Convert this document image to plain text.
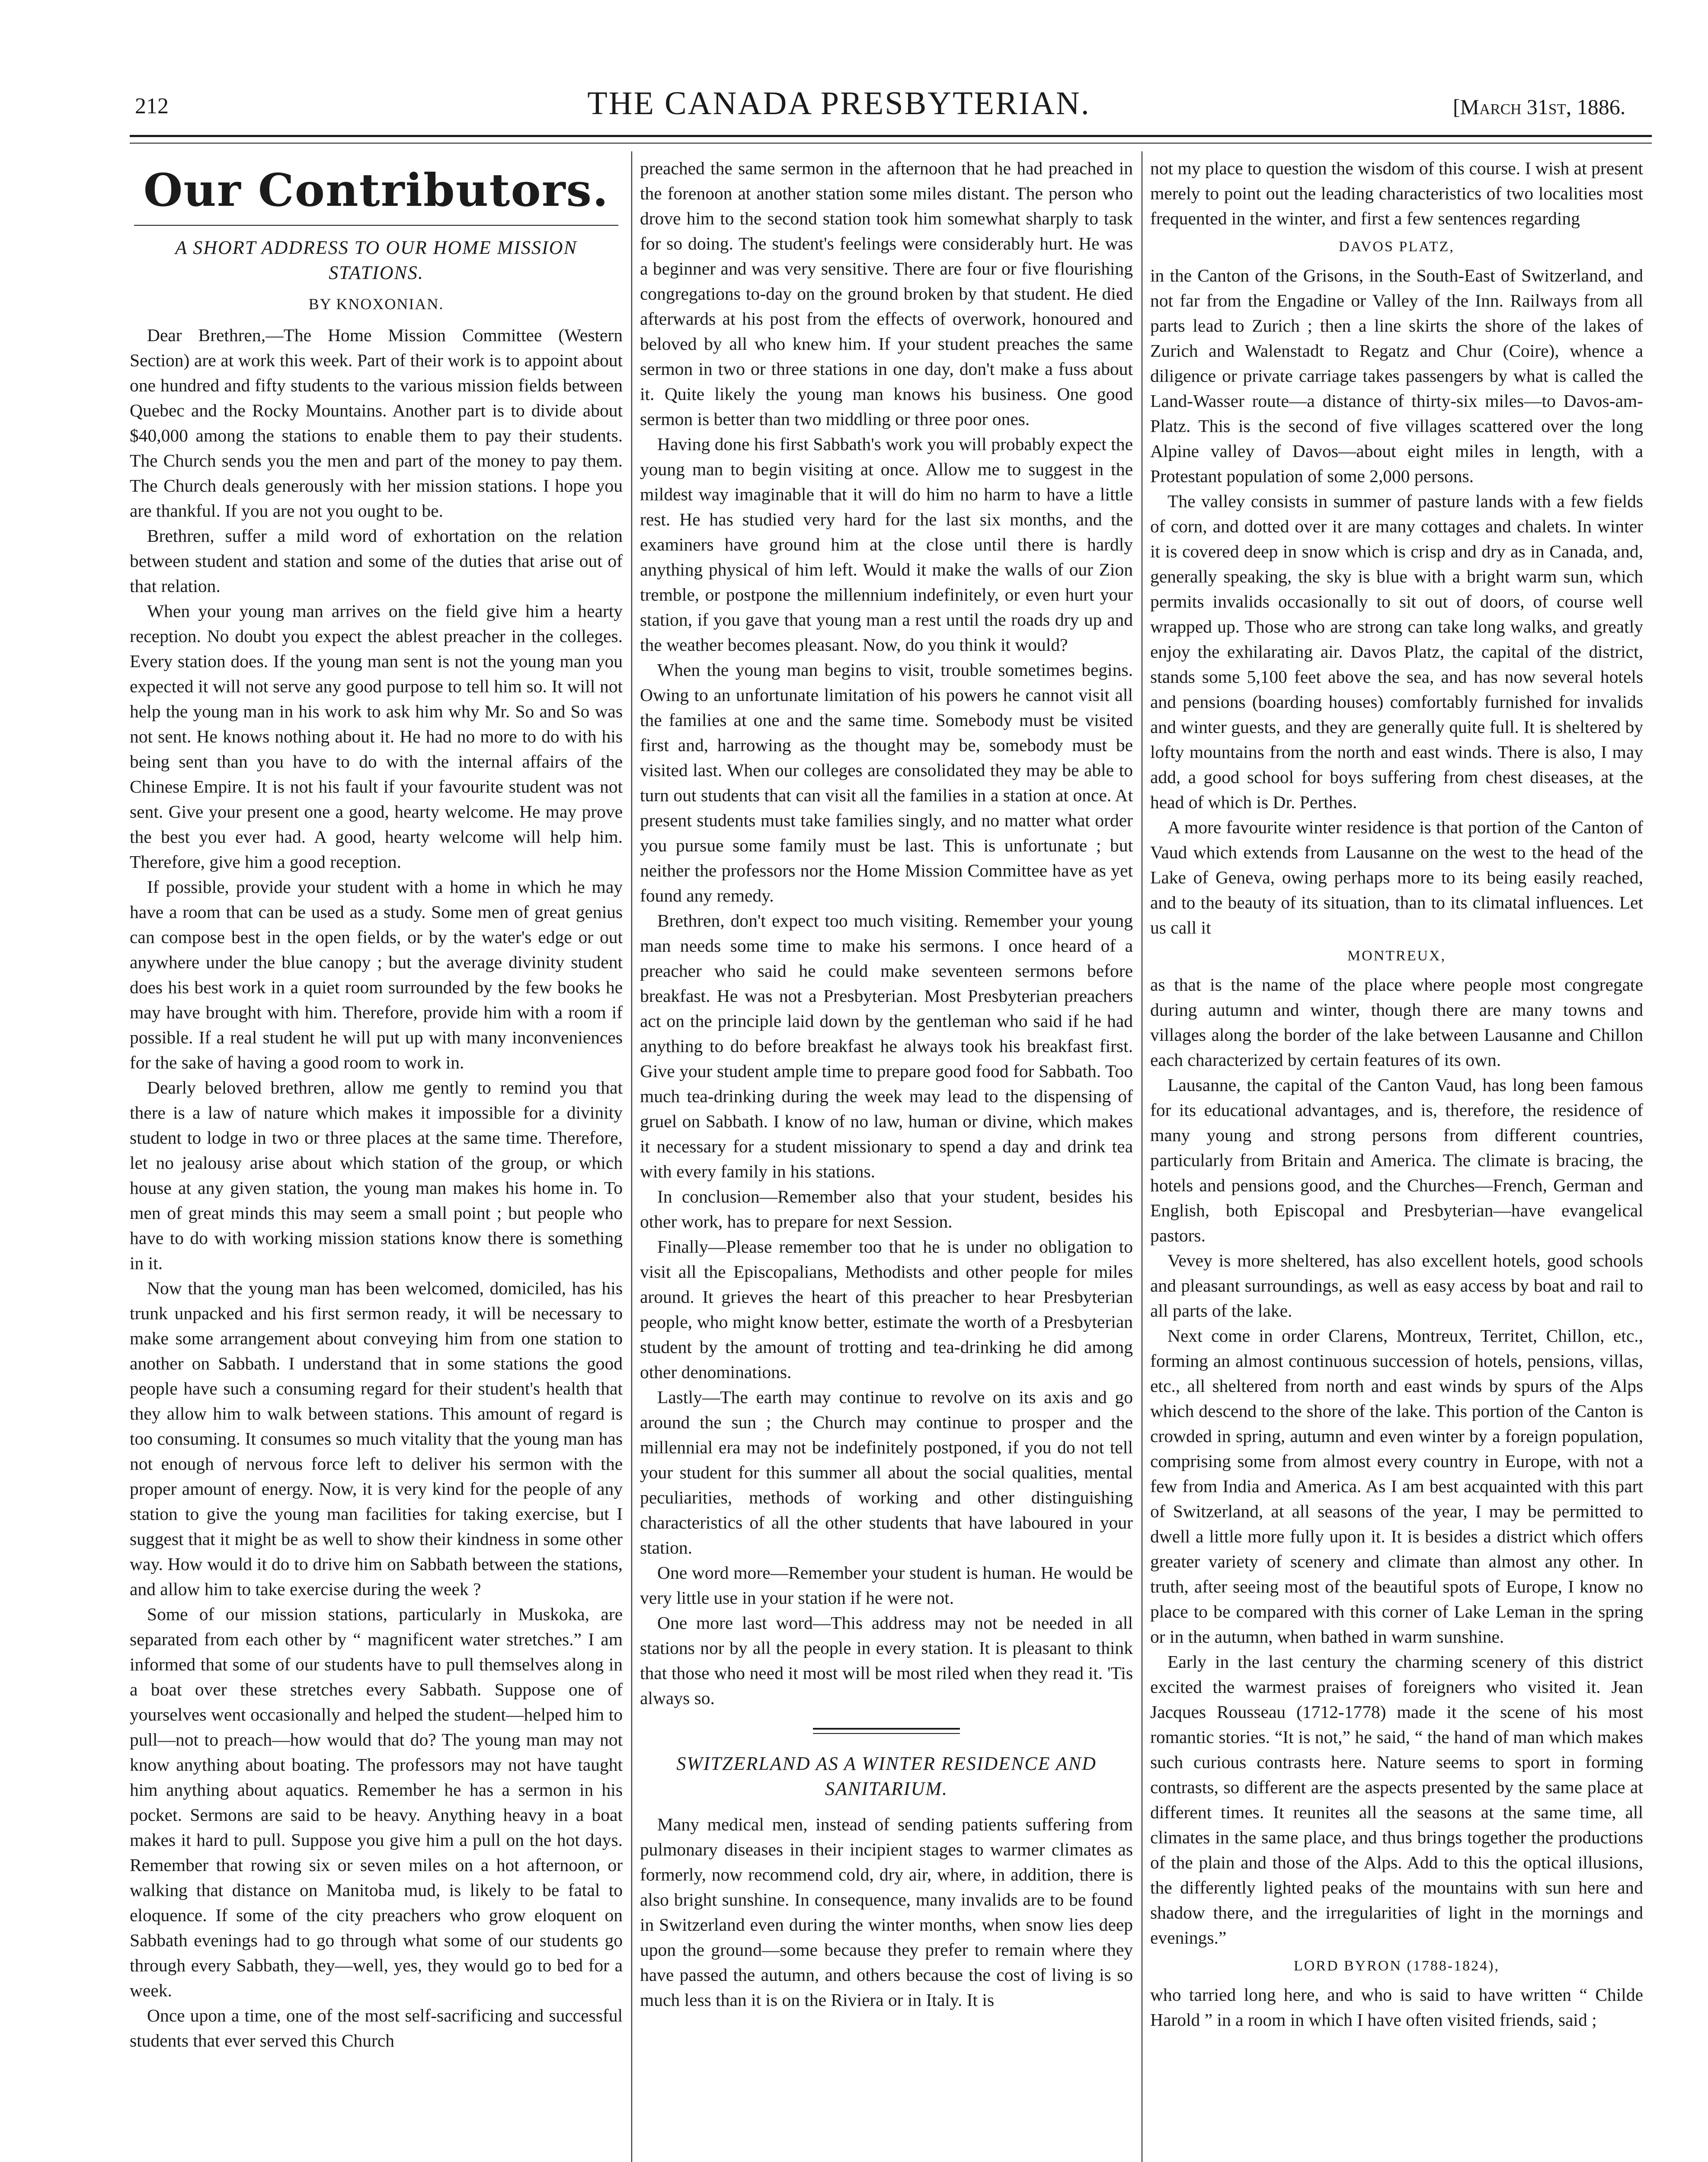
212	THE CANADA PRESBYTERIAN.	[March 31st, 1886.
Our Contributors.
A SHORT ADDRESS TO OUR HOME MISSION STATIONS.
BY KNOXONIAN.

Dear Brethren,—The Home Mission Committee (Western Section) are at work this week. Part of their work is to appoint about one hundred and fifty students to the various mission fields between Quebec and the Rocky Mountains. Another part is to divide about $40,000 among the stations to enable them to pay their students. The Church sends you the men and part of the money to pay them. The Church deals generously with her mission stations. I hope you are thankful. If you are not you ought to be.

Brethren, suffer a mild word of exhortation on the relation between student and station and some of the duties that arise out of that relation.

When your young man arrives on the field give him a hearty reception. No doubt you expect the ablest preacher in the colleges. Every station does. If the young man sent is not the young man you expected it will not serve any good purpose to tell him so. It will not help the young man in his work to ask him why Mr. So and So was not sent. He knows nothing about it. He had no more to do with his being sent than you have to do with the internal affairs of the Chinese Empire. It is not his fault if your favourite student was not sent. Give your present one a good, hearty welcome. He may prove the best you ever had. A good, hearty welcome will help him. Therefore, give him a good reception.

If possible, provide your student with a home in which he may have a room that can be used as a study. Some men of great genius can compose best in the open fields, or by the water's edge or out anywhere under the blue canopy ; but the average divinity student does his best work in a quiet room surrounded by the few books he may have brought with him. Therefore, provide him with a room if possible. If a real student he will put up with many inconveniences for the sake of having a good room to work in.

Dearly beloved brethren, allow me gently to remind you that there is a law of nature which makes it impossible for a divinity student to lodge in two or three places at the same time. Therefore, let no jealousy arise about which station of the group, or which house at any given station, the young man makes his home in. To men of great minds this may seem a small point ; but people who have to do with working mission stations know there is something in it.

Now that the young man has been welcomed, domiciled, has his trunk unpacked and his first sermon ready, it will be necessary to make some arrangement about conveying him from one station to another on Sabbath. I understand that in some stations the good people have such a consuming regard for their student's health that they allow him to walk between stations. This amount of regard is too consuming. It consumes so much vitality that the young man has not enough of nervous force left to deliver his sermon with the proper amount of energy. Now, it is very kind for the people of any station to give the young man facilities for taking exercise, but I suggest that it might be as well to show their kindness in some other way. How would it do to drive him on Sabbath between the stations, and allow him to take exercise during the week ?

Some of our mission stations, particularly in Muskoka, are separated from each other by “ magnificent water stretches.” I am informed that some of our students have to pull themselves along in a boat over these stretches every Sabbath. Suppose one of yourselves went occasionally and helped the student—helped him to pull—not to preach—how would that do? The young man may not know anything about boating. The professors may not have taught him anything about aquatics. Remember he has a sermon in his pocket. Sermons are said to be heavy. Anything heavy in a boat makes it hard to pull. Suppose you give him a pull on the hot days. Remember that rowing six or seven miles on a hot afternoon, or walking that distance on Manitoba mud, is likely to be fatal to eloquence. If some of the city preachers who grow eloquent on Sabbath evenings had to go through what some of our students go through every Sabbath, they—well, yes, they would go to bed for a week.

Once upon a time, one of the most self-sacrificing and successful students that ever served this Church

preached the same sermon in the afternoon that he had preached in the forenoon at another station some miles distant. The person who drove him to the second station took him somewhat sharply to task for so doing. The student's feelings were considerably hurt. He was a beginner and was very sensitive. There are four or five flourishing congregations to-day on the ground broken by that student. He died afterwards at his post from the effects of overwork, honoured and beloved by all who knew him. If your student preaches the same sermon in two or three stations in one day, don't make a fuss about it. Quite likely the young man knows his business. One good sermon is better than two middling or three poor ones.

Having done his first Sabbath's work you will probably expect the young man to begin visiting at once. Allow me to suggest in the mildest way imaginable that it will do him no harm to have a little rest. He has studied very hard for the last six months, and the examiners have ground him at the close until there is hardly anything physical of him left. Would it make the walls of our Zion tremble, or postpone the millennium indefinitely, or even hurt your station, if you gave that young man a rest until the roads dry up and the weather becomes pleasant. Now, do you think it would?

When the young man begins to visit, trouble sometimes begins. Owing to an unfortunate limitation of his powers he cannot visit all the families at one and the same time. Somebody must be visited first and, harrowing as the thought may be, somebody must be visited last. When our colleges are consolidated they may be able to turn out students that can visit all the families in a station at once. At present students must take families singly, and no matter what order you pursue some family must be last. This is unfortunate ; but neither the professors nor the Home Mission Committee have as yet found any remedy.

Brethren, don't expect too much visiting. Remember your young man needs some time to make his sermons. I once heard of a preacher who said he could make seventeen sermons before breakfast. He was not a Presbyterian. Most Presbyterian preachers act on the principle laid down by the gentleman who said if he had anything to do before breakfast he always took his breakfast first. Give your student ample time to prepare good food for Sabbath. Too much tea-drinking during the week may lead to the dispensing of gruel on Sabbath. I know of no law, human or divine, which makes it necessary for a student missionary to spend a day and drink tea with every family in his stations.

In conclusion—Remember also that your student, besides his other work, has to prepare for next Session.

Finally—Please remember too that he is under no obligation to visit all the Episcopalians, Methodists and other people for miles around. It grieves the heart of this preacher to hear Presbyterian people, who might know better, estimate the worth of a Presbyterian student by the amount of trotting and tea-drinking he did among other denominations.

Lastly—The earth may continue to revolve on its axis and go around the sun ; the Church may continue to prosper and the millennial era may not be indefinitely postponed, if you do not tell your student for this summer all about the social qualities, mental peculiarities, methods of working and other distinguishing characteristics of all the other students that have laboured in your station.

One word more—Remember your student is human. He would be very little use in your station if he were not.

One more last word—This address may not be needed in all stations nor by all the people in every station. It is pleasant to think that those who need it most will be most riled when they read it. 'Tis always so.

SWITZERLAND AS A WINTER RESIDENCE AND SANITARIUM.

Many medical men, instead of sending patients suffering from pulmonary diseases in their incipient stages to warmer climates as formerly, now recommend cold, dry air, where, in addition, there is also bright sunshine. In consequence, many invalids are to be found in Switzerland even during the winter months, when snow lies deep upon the ground—some because they prefer to remain where they have passed the autumn, and others because the cost of living is so much less than it is on the Riviera or in Italy. It is

not my place to question the wisdom of this course. I wish at present merely to point out the leading characteristics of two localities most frequented in the winter, and first a few sentences regarding

DAVOS PLATZ,

in the Canton of the Grisons, in the South-East of Switzerland, and not far from the Engadine or Valley of the Inn. Railways from all parts lead to Zurich ; then a line skirts the shore of the lakes of Zurich and Walenstadt to Regatz and Chur (Coire), whence a diligence or private carriage takes passengers by what is called the Land-Wasser route—a distance of thirty-six miles—to Davos-am-Platz. This is the second of five villages scattered over the long Alpine valley of Davos—about eight miles in length, with a Protestant population of some 2,000 persons.

The valley consists in summer of pasture lands with a few fields of corn, and dotted over it are many cottages and chalets. In winter it is covered deep in snow which is crisp and dry as in Canada, and, generally speaking, the sky is blue with a bright warm sun, which permits invalids occasionally to sit out of doors, of course well wrapped up. Those who are strong can take long walks, and greatly enjoy the exhilarating air. Davos Platz, the capital of the district, stands some 5,100 feet above the sea, and has now several hotels and pensions (boarding houses) comfortably furnished for invalids and winter guests, and they are generally quite full. It is sheltered by lofty mountains from the north and east winds. There is also, I may add, a good school for boys suffering from chest diseases, at the head of which is Dr. Perthes.

A more favourite winter residence is that portion of the Canton of Vaud which extends from Lausanne on the west to the head of the Lake of Geneva, owing perhaps more to its being easily reached, and to the beauty of its situation, than to its climatal influences. Let us call it

MONTREUX,

as that is the name of the place where people most congregate during autumn and winter, though there are many towns and villages along the border of the lake between Lausanne and Chillon each characterized by certain features of its own.

Lausanne, the capital of the Canton Vaud, has long been famous for its educational advantages, and is, therefore, the residence of many young and strong persons from different countries, particularly from Britain and America. The climate is bracing, the hotels and pensions good, and the Churches—French, German and English, both Episcopal and Presbyterian—have evangelical pastors.

Vevey is more sheltered, has also excellent hotels, good schools and pleasant surroundings, as well as easy access by boat and rail to all parts of the lake.

Next come in order Clarens, Montreux, Territet, Chillon, etc., forming an almost continuous succession of hotels, pensions, villas, etc., all sheltered from north and east winds by spurs of the Alps which descend to the shore of the lake. This portion of the Canton is crowded in spring, autumn and even winter by a foreign population, comprising some from almost every country in Europe, with not a few from India and America. As I am best acquainted with this part of Switzerland, at all seasons of the year, I may be permitted to dwell a little more fully upon it. It is besides a district which offers greater variety of scenery and climate than almost any other. In truth, after seeing most of the beautiful spots of Europe, I know no place to be compared with this corner of Lake Leman in the spring or in the autumn, when bathed in warm sunshine.

Early in the last century the charming scenery of this district excited the warmest praises of foreigners who visited it. Jean Jacques Rousseau (1712-1778) made it the scene of his most romantic stories. “It is not,” he said, “ the hand of man which makes such curious contrasts here. Nature seems to sport in forming contrasts, so different are the aspects presented by the same place at different times. It reunites all the seasons at the same time, all climates in the same place, and thus brings together the productions of the plain and those of the Alps. Add to this the optical illusions, the differently lighted peaks of the mountains with sun here and shadow there, and the irregularities of light in the mornings and evenings.”

LORD BYRON (1788-1824),

who tarried long here, and who is said to have written “ Childe Harold ” in a room in which I have often visited friends, said ;
